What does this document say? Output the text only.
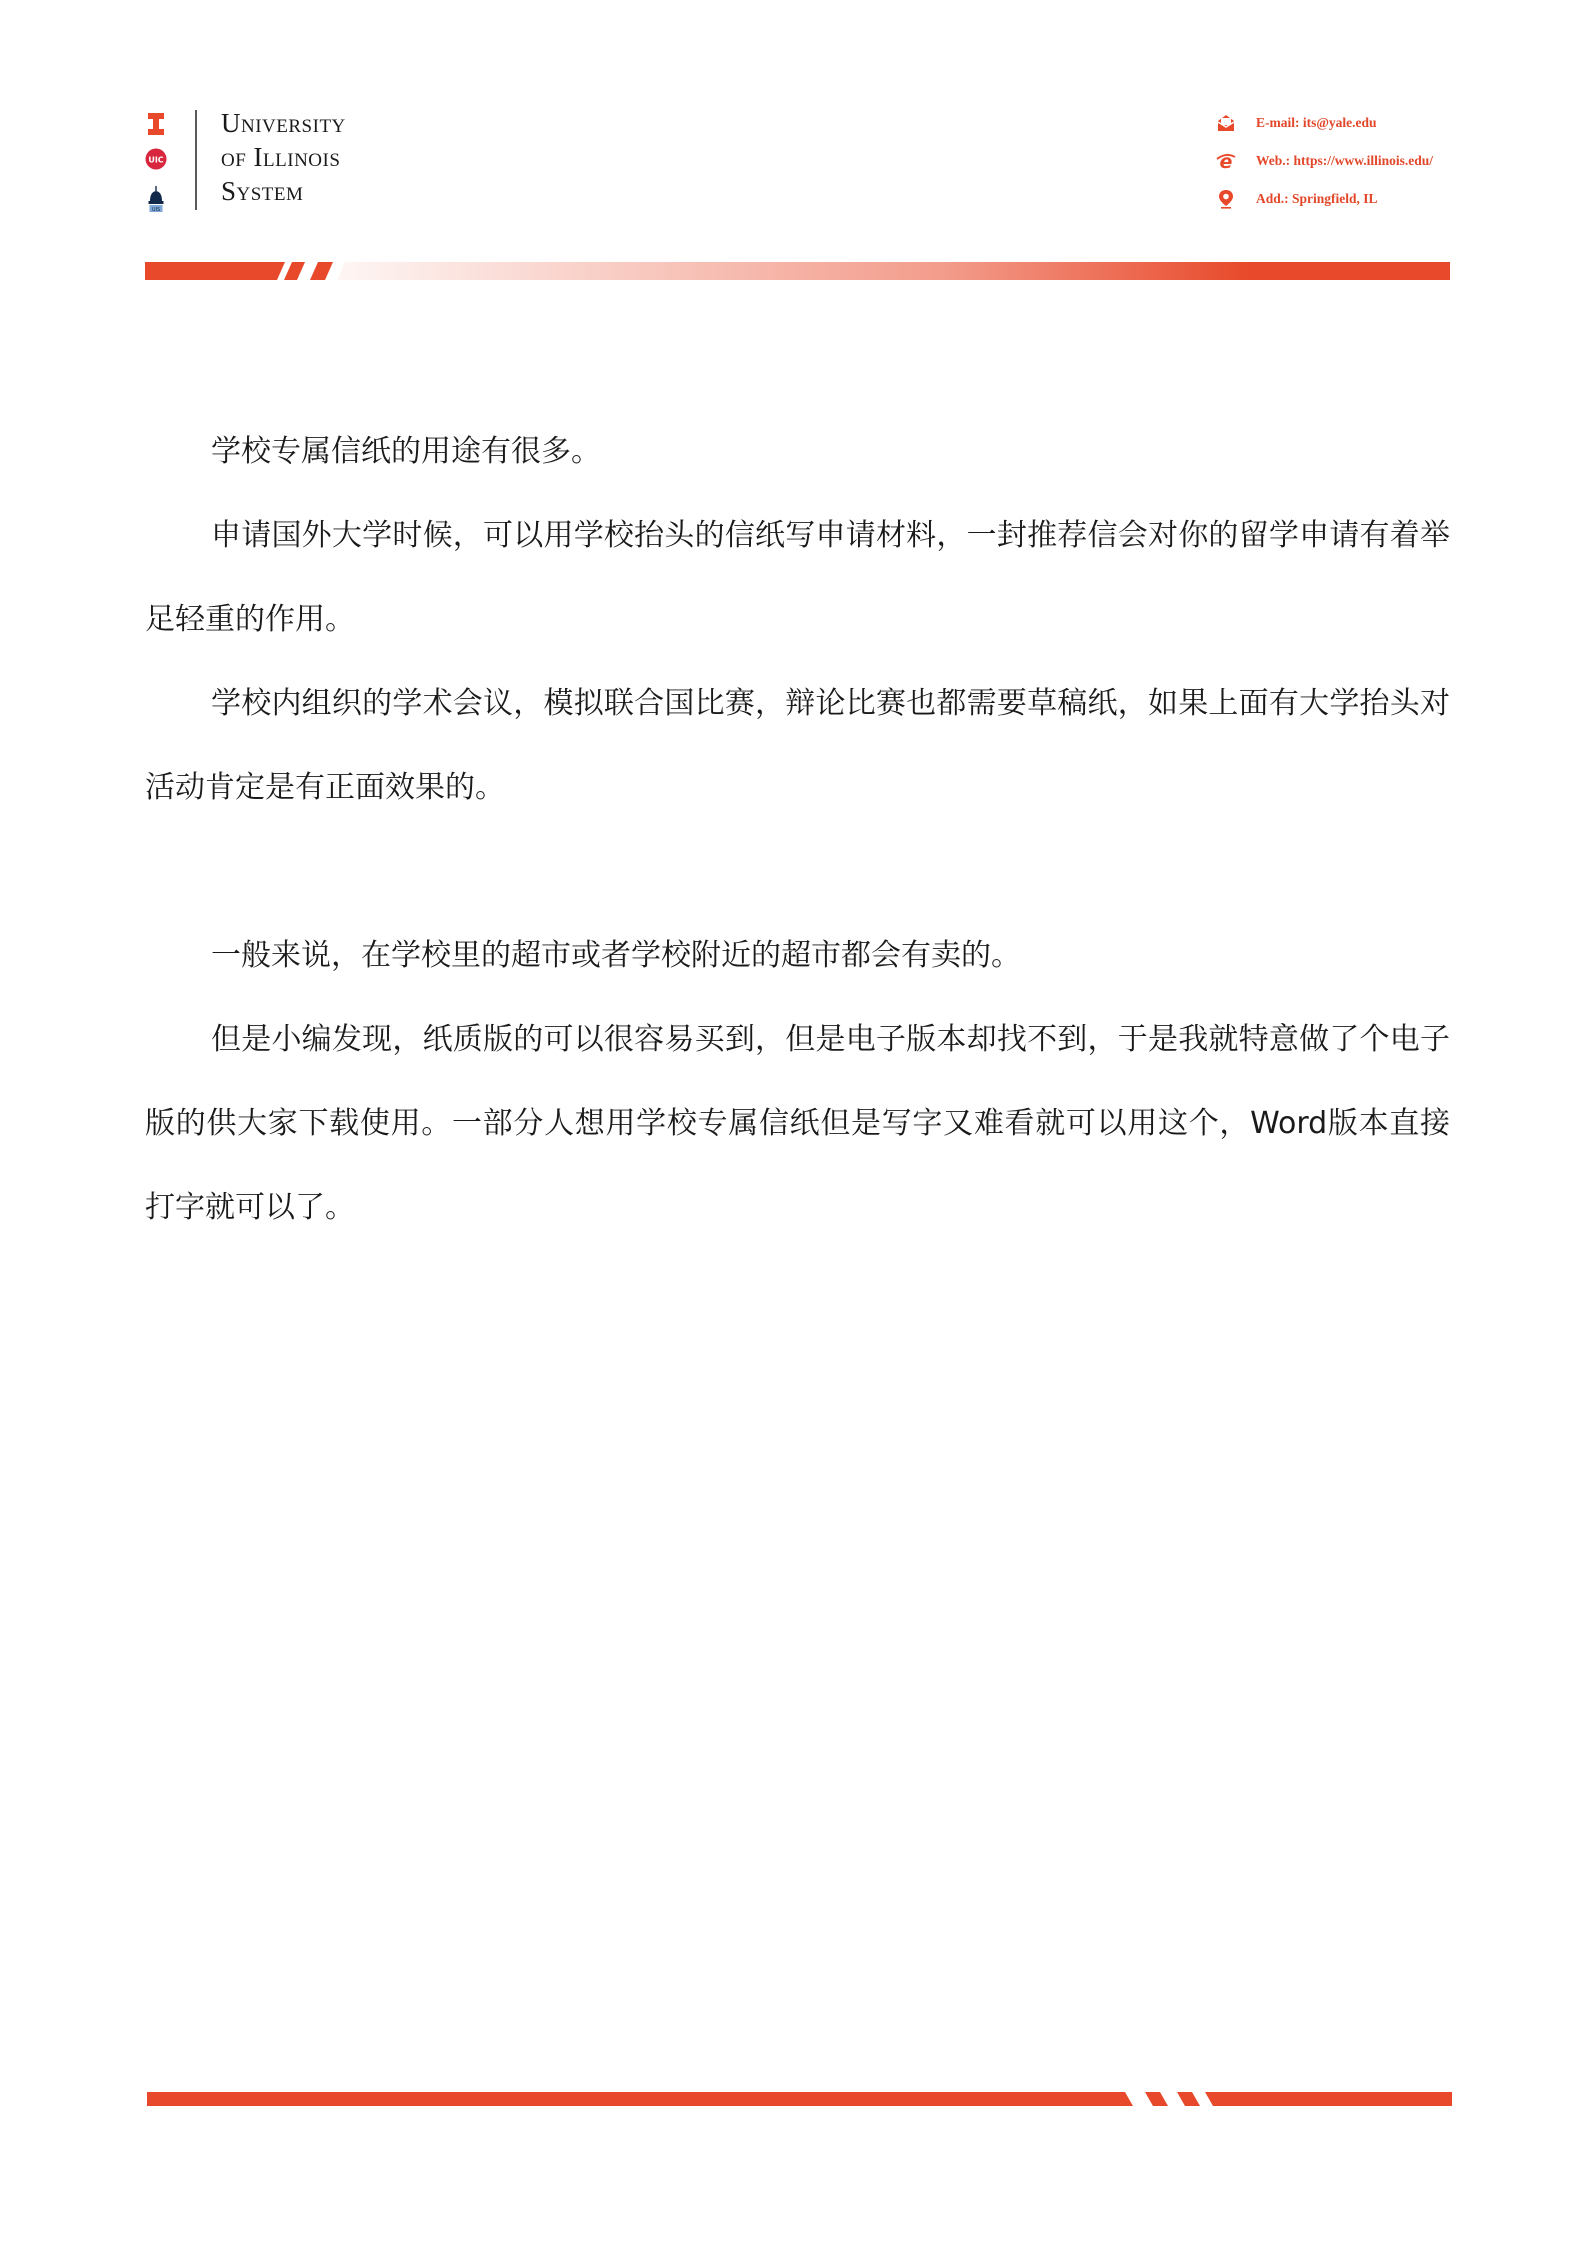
UIC
UIS
University
of Illinois
System
E-mail: its@yale.edu
e Web.: https://www.illinois.edu/
Add.: Springfield, IL

学校专属信纸的用途有很多。

申请国外大学时候，可以用学校抬头的信纸写申请材料，一封推荐信会对你的留学申请有着举足轻重的作用。

学校内组织的学术会议，模拟联合国比赛，辩论比赛也都需要草稿纸，如果上面有大学抬头对活动肯定是有正面效果的。

一般来说，在学校里的超市或者学校附近的超市都会有卖的。

但是小编发现，纸质版的可以很容易买到，但是电子版本却找不到，于是我就特意做了个电子版的供大家下载使用。一部分人想用学校专属信纸但是写字又难看就可以用这个，Word版本直接打字就可以了。
